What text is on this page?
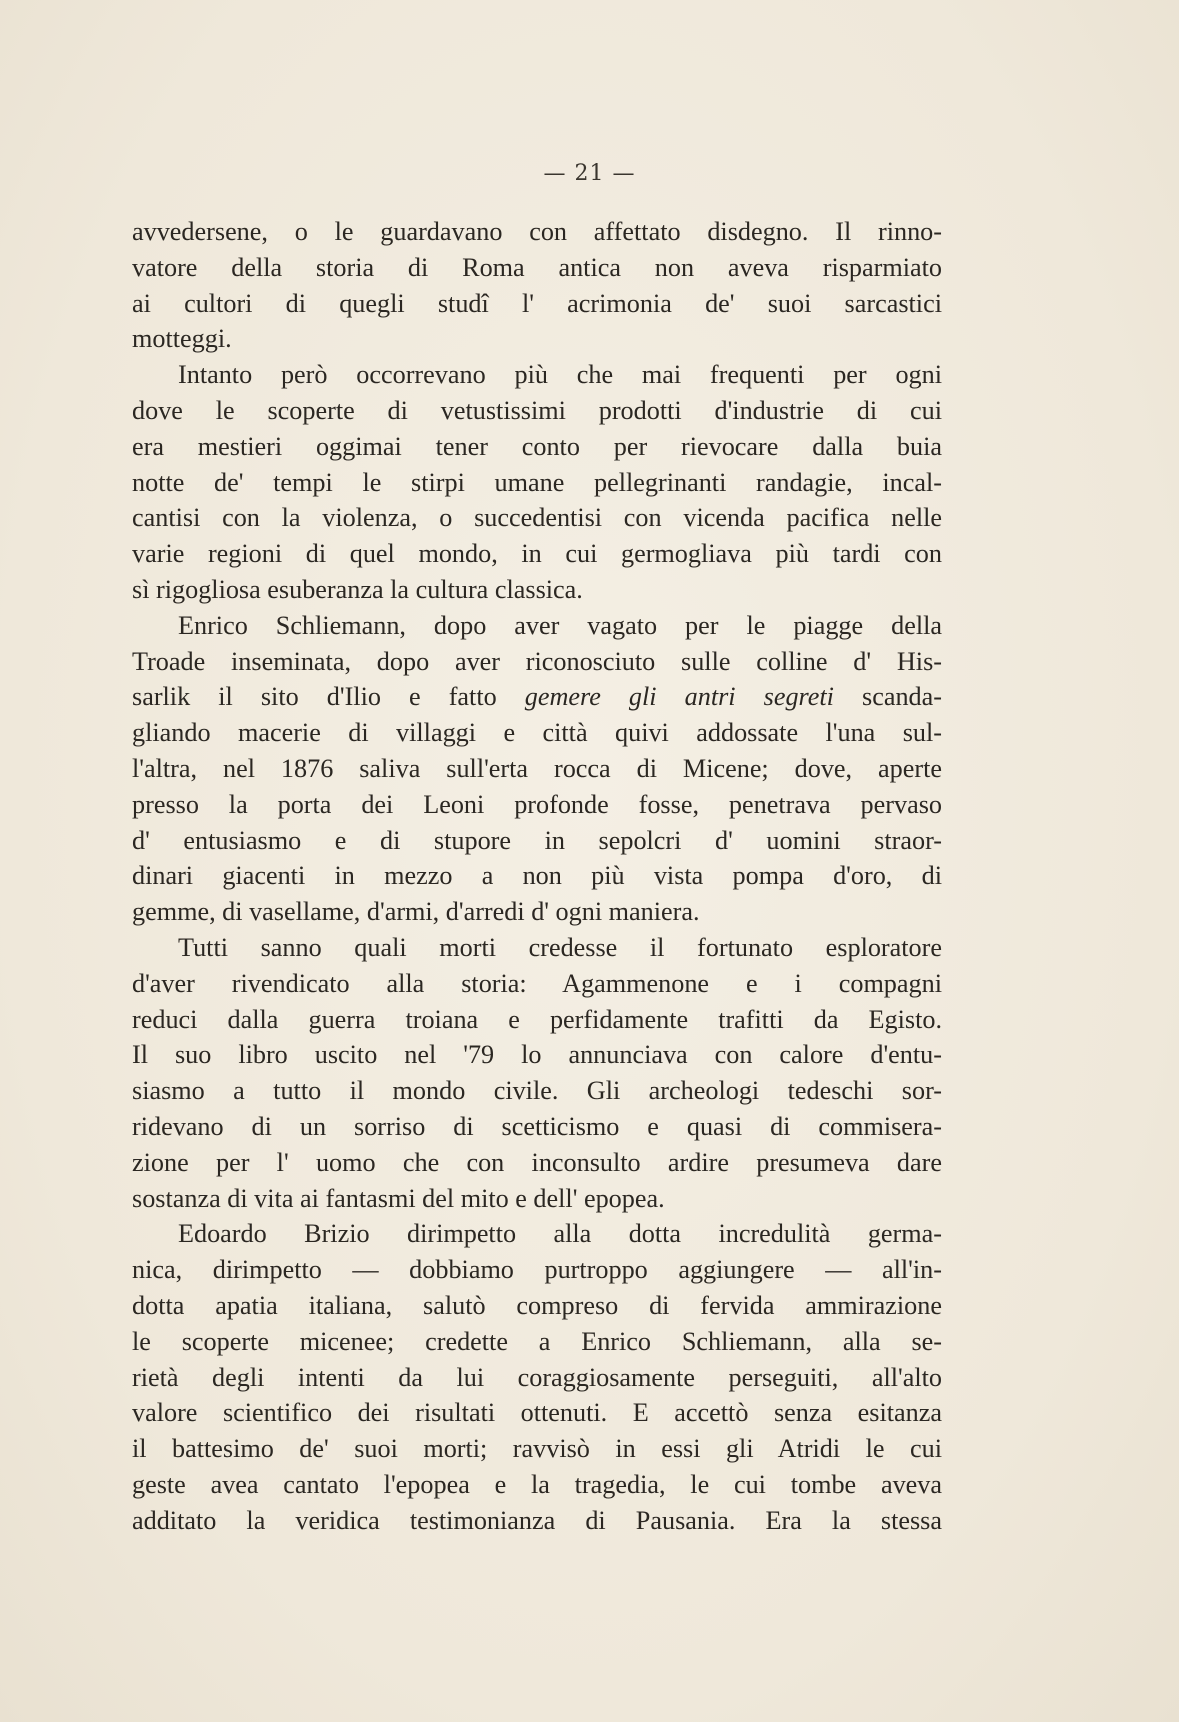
— 21 —
avvedersene, o le guardavano con affettato disdegno. Il rinno-
vatore della storia di Roma antica non aveva risparmiato
ai cultori di quegli studî l' acrimonia de' suoi sarcastici
motteggi.
Intanto però occorrevano più che mai frequenti per ogni
dove le scoperte di vetustissimi prodotti d'industrie di cui
era mestieri oggimai tener conto per rievocare dalla buia
notte de' tempi le stirpi umane pellegrinanti randagie, incal-
cantisi con la violenza, o succedentisi con vicenda pacifica nelle
varie regioni di quel mondo, in cui germogliava più tardi con
sì rigogliosa esuberanza la cultura classica.
Enrico Schliemann, dopo aver vagato per le piagge della
Troade inseminata, dopo aver riconosciuto sulle colline d' His-
sarlik il sito d'Ilio e fatto gemere gli antri segreti scanda-
gliando macerie di villaggi e città quivi addossate l'una sul-
l'altra, nel 1876 saliva sull'erta rocca di Micene; dove, aperte
presso la porta dei Leoni profonde fosse, penetrava pervaso
d' entusiasmo e di stupore in sepolcri d' uomini straor-
dinari giacenti in mezzo a non più vista pompa d'oro, di
gemme, di vasellame, d'armi, d'arredi d' ogni maniera.
Tutti sanno quali morti credesse il fortunato esploratore
d'aver rivendicato alla storia: Agammenone e i compagni
reduci dalla guerra troiana e perfidamente trafitti da Egisto.
Il suo libro uscito nel '79 lo annunciava con calore d'entu-
siasmo a tutto il mondo civile. Gli archeologi tedeschi sor-
ridevano di un sorriso di scetticismo e quasi di commisera-
zione per l' uomo che con inconsulto ardire presumeva dare
sostanza di vita ai fantasmi del mito e dell' epopea.
Edoardo Brizio dirimpetto alla dotta incredulità germa-
nica, dirimpetto — dobbiamo purtroppo aggiungere — all'in-
dotta apatia italiana, salutò compreso di fervida ammirazione
le scoperte micenee; credette a Enrico Schliemann, alla se-
rietà degli intenti da lui coraggiosamente perseguiti, all'alto
valore scientifico dei risultati ottenuti. E accettò senza esitanza
il battesimo de' suoi morti; ravvisò in essi gli Atridi le cui
geste avea cantato l'epopea e la tragedia, le cui tombe aveva
additato la veridica testimonianza di Pausania. Era la stessa
